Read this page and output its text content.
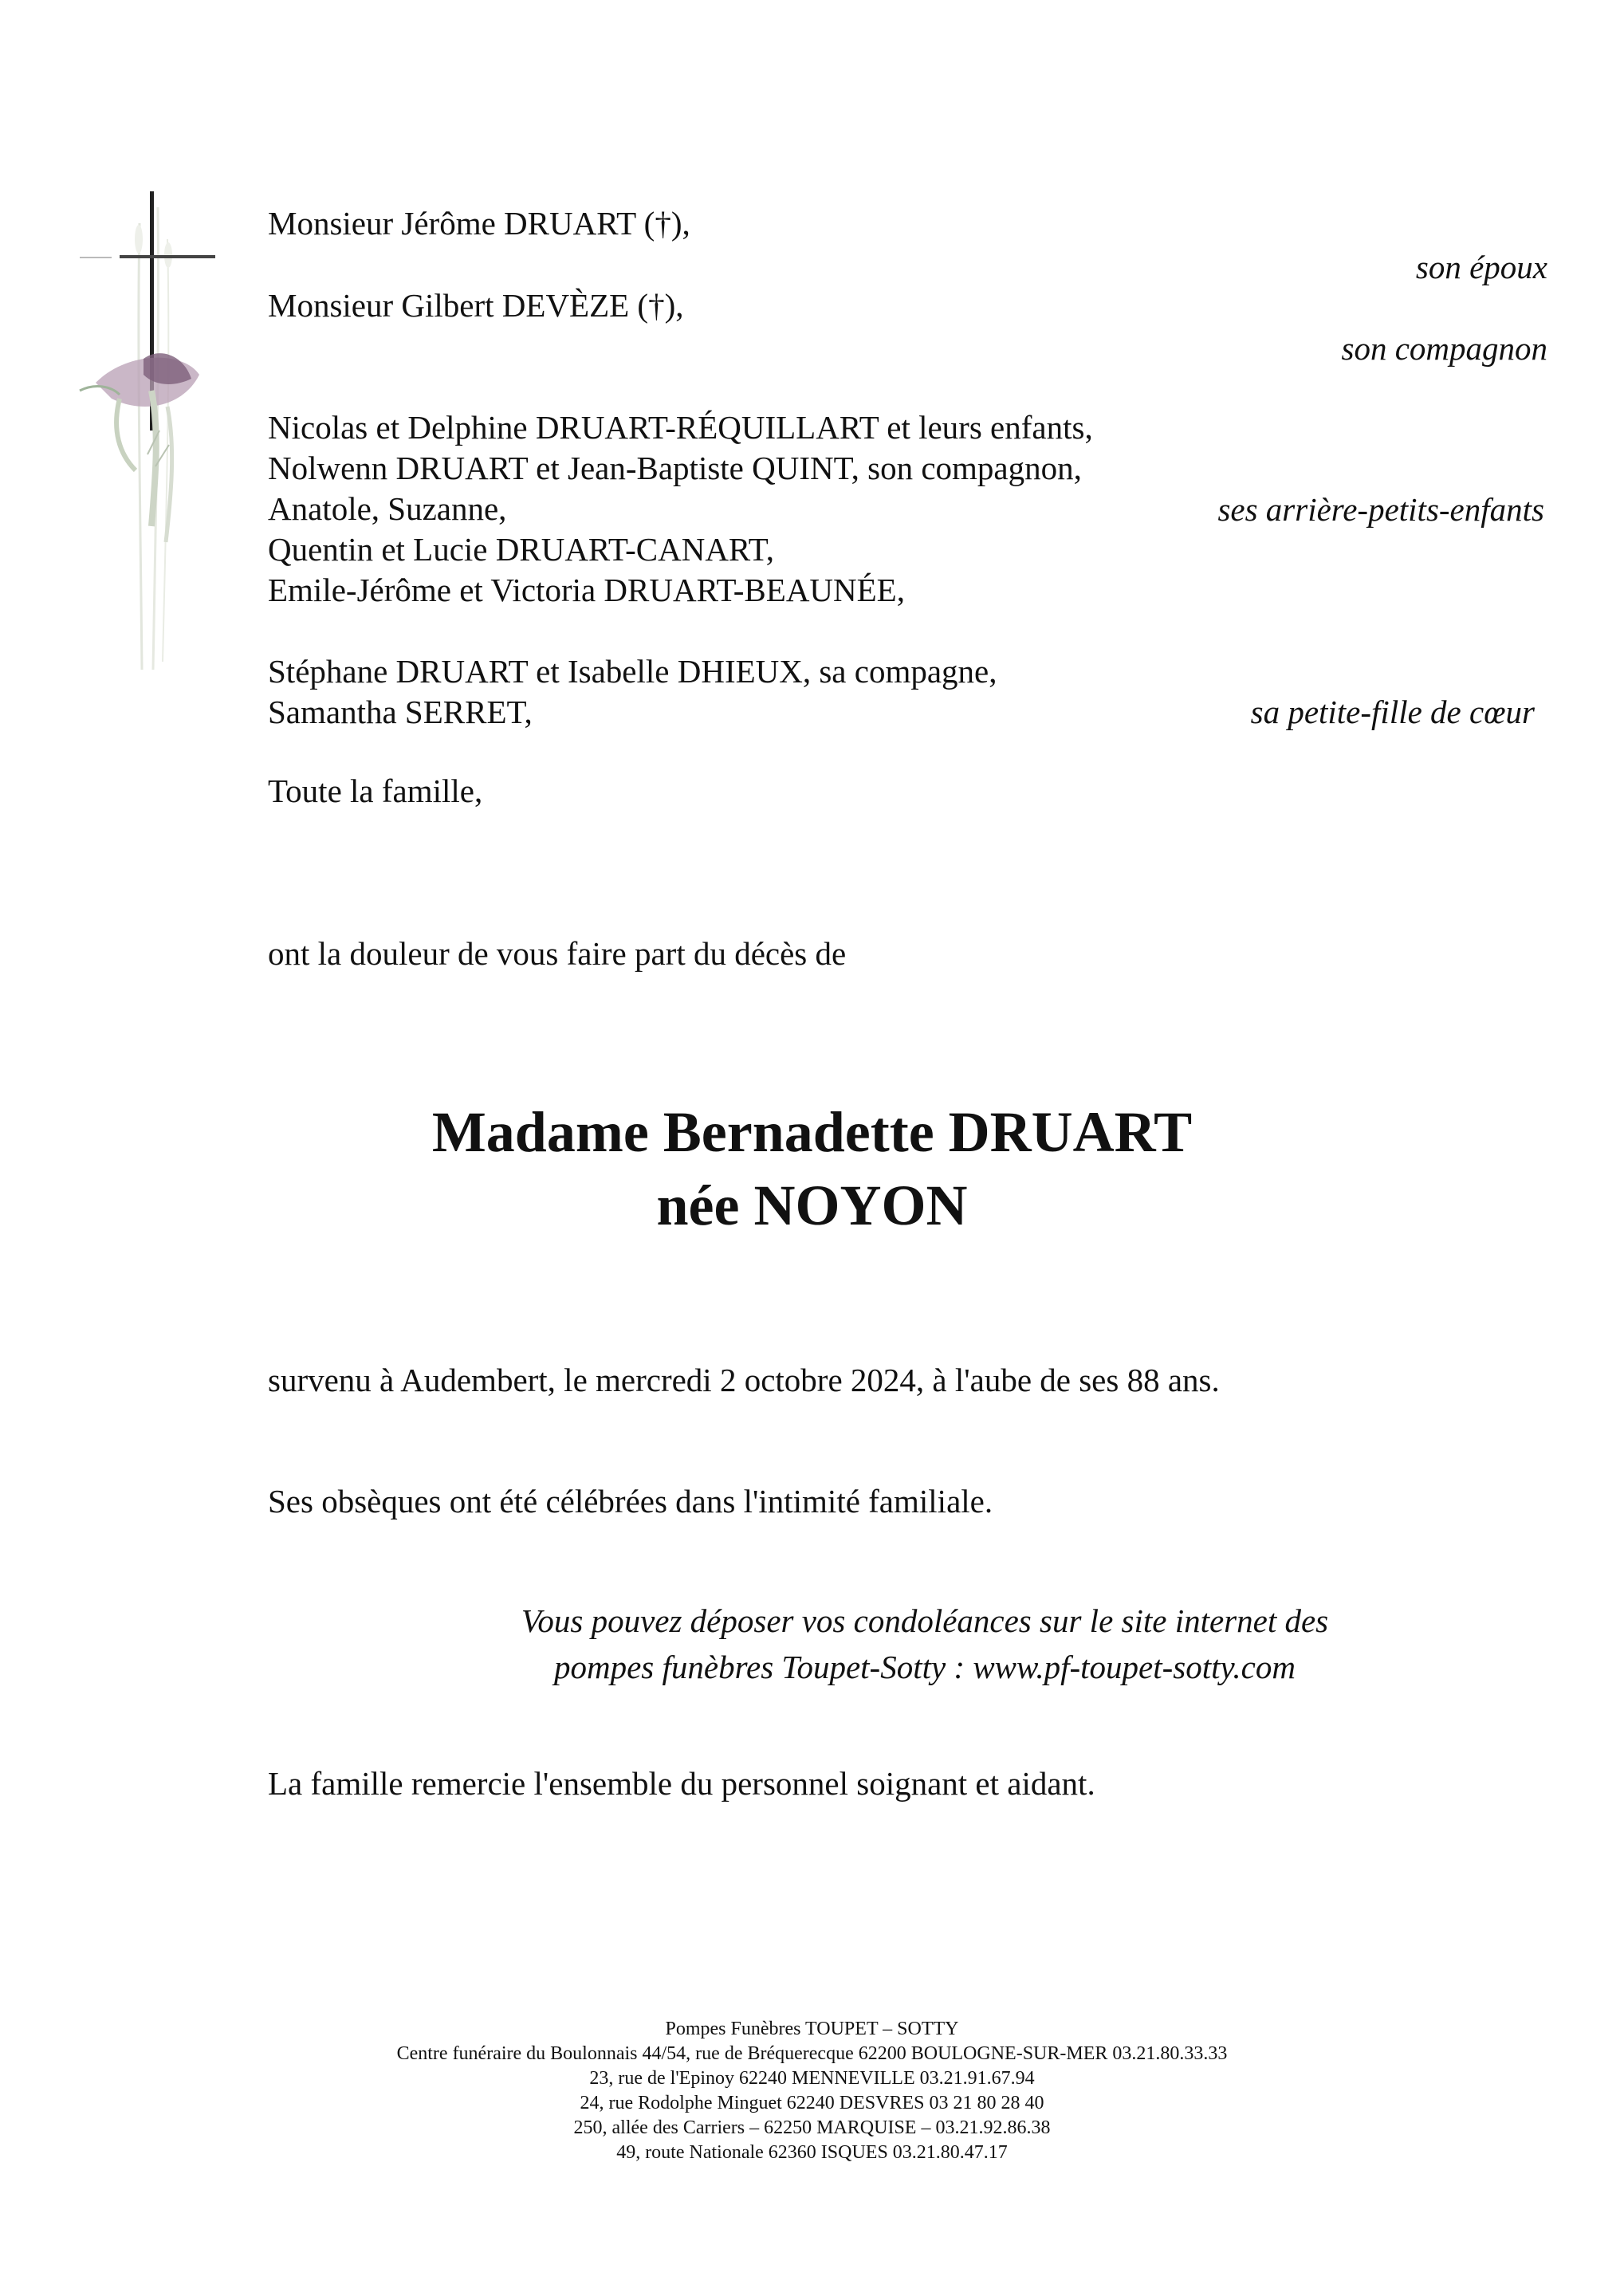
Monsieur Jérôme DRUART (†),
son époux
Monsieur Gilbert DEVÈZE (†),
son compagnon
Nicolas et Delphine DRUART-RÉQUILLART et leurs enfants,
Nolwenn DRUART et Jean-Baptiste QUINT, son compagnon,
Anatole, Suzanne,
Quentin et Lucie DRUART-CANART,
Emile-Jérôme et Victoria DRUART-BEAUNÉE,
ses arrière-petits-enfants
Stéphane DRUART et Isabelle DHIEUX, sa compagne,
Samantha SERRET,	sa petite-fille de cœur
Toute la famille,
ont la douleur de vous faire part du décès de
Madame Bernadette DRUART
née NOYON
survenu à Audembert, le mercredi 2 octobre 2024, à l'aube de ses 88 ans.
Ses obsèques ont été célébrées dans l'intimité familiale.
Vous pouvez déposer vos condoléances sur le site internet des
pompes funèbres Toupet-Sotty : www.pf-toupet-sotty.com
La famille remercie l'ensemble du personnel soignant et aidant.
Pompes Funèbres TOUPET – SOTTY
Centre funéraire du Boulonnais 44/54, rue de Bréquerecque 62200 BOULOGNE-SUR-MER 03.21.80.33.33
23, rue de l'Epinoy 62240 MENNEVILLE 03.21.91.67.94
24, rue Rodolphe Minguet 62240 DESVRES 03 21 80 28 40
250, allée des Carriers – 62250 MARQUISE – 03.21.92.86.38
49, route Nationale 62360 ISQUES 03.21.80.47.17
